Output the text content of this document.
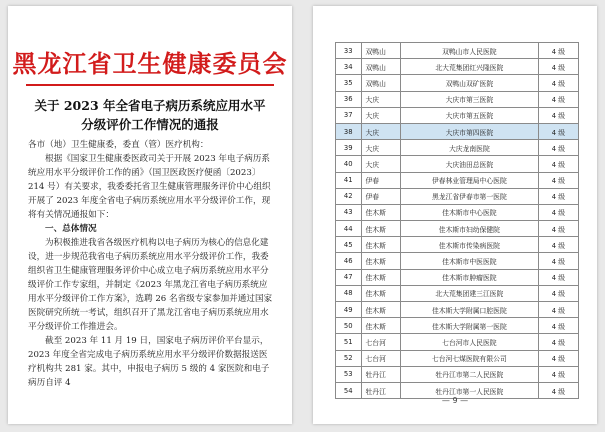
黑龙江省卫生健康委员会
关于 2023 年全省电子病历系统应用水平
分级评价工作情况的通报

各市（地）卫生健康委，委直（管）医疗机构：

根据《国家卫生健康委医政司关于开展 2023 年电子病历系统应用水平分级评价工作的函》（国卫医政医疗便函〔2023〕214 号）有关要求，我委委托省卫生健康管理服务评价中心组织开展了 2023 年度全省电子病历系统应用水平分级评价工作，现将有关情况通报如下：

一、总体情况

为积极推进我省各级医疗机构以电子病历为核心的信息化建设，进一步规范我省电子病历系统应用水平分级评价工作，我委组织省卫生健康管理服务评价中心成立电子病历系统应用水平分级评价工作专家组，并制定《2023 年黑龙江省电子病历系统应用水平分级评价工作方案》，选聘 26 名省级专家参加并通过国家医院研究所统一考试，组织召开了黑龙江省电子病历系统应用水平分级评价工作推进会。

截至 2023 年 11 月 19 日，国家电子病历评价平台显示，2023 年度全省完成电子病历系统应用水平分级评价数据报送医疗机构共 281 家。其中，申报电子病历 5 级的 4 家医院和电子病历自评 4

33	双鸭山	双鸭山市人民医院	4 级
34	双鸭山	北大荒集团红兴隆医院	4 级
35	双鸭山	双鸭山双矿医院	4 级
36	大庆	大庆市第三医院	4 级
37	大庆	大庆市第五医院	4 级
38	大庆	大庆市第四医院	4 级
39	大庆	大庆龙南医院	4 级
40	大庆	大庆油田总医院	4 级
41	伊春	伊春林业管理局中心医院	4 级
42	伊春	黑龙江省伊春市第一医院	4 级
43	佳木斯	佳木斯市中心医院	4 级
44	佳木斯	佳木斯市妇幼保健院	4 级
45	佳木斯	佳木斯市传染病医院	4 级
46	佳木斯	佳木斯市中医医院	4 级
47	佳木斯	佳木斯市肿瘤医院	4 级
48	佳木斯	北大荒集团建三江医院	4 级
49	佳木斯	佳木斯大学附属口腔医院	4 级
50	佳木斯	佳木斯大学附属第一医院	4 级
51	七台河	七台河市人民医院	4 级
52	七台河	七台河七煤医院有限公司	4 级
53	牡丹江	牡丹江市第二人民医院	4 级
54	牡丹江	牡丹江市第一人民医院	4 级
— 9 —
